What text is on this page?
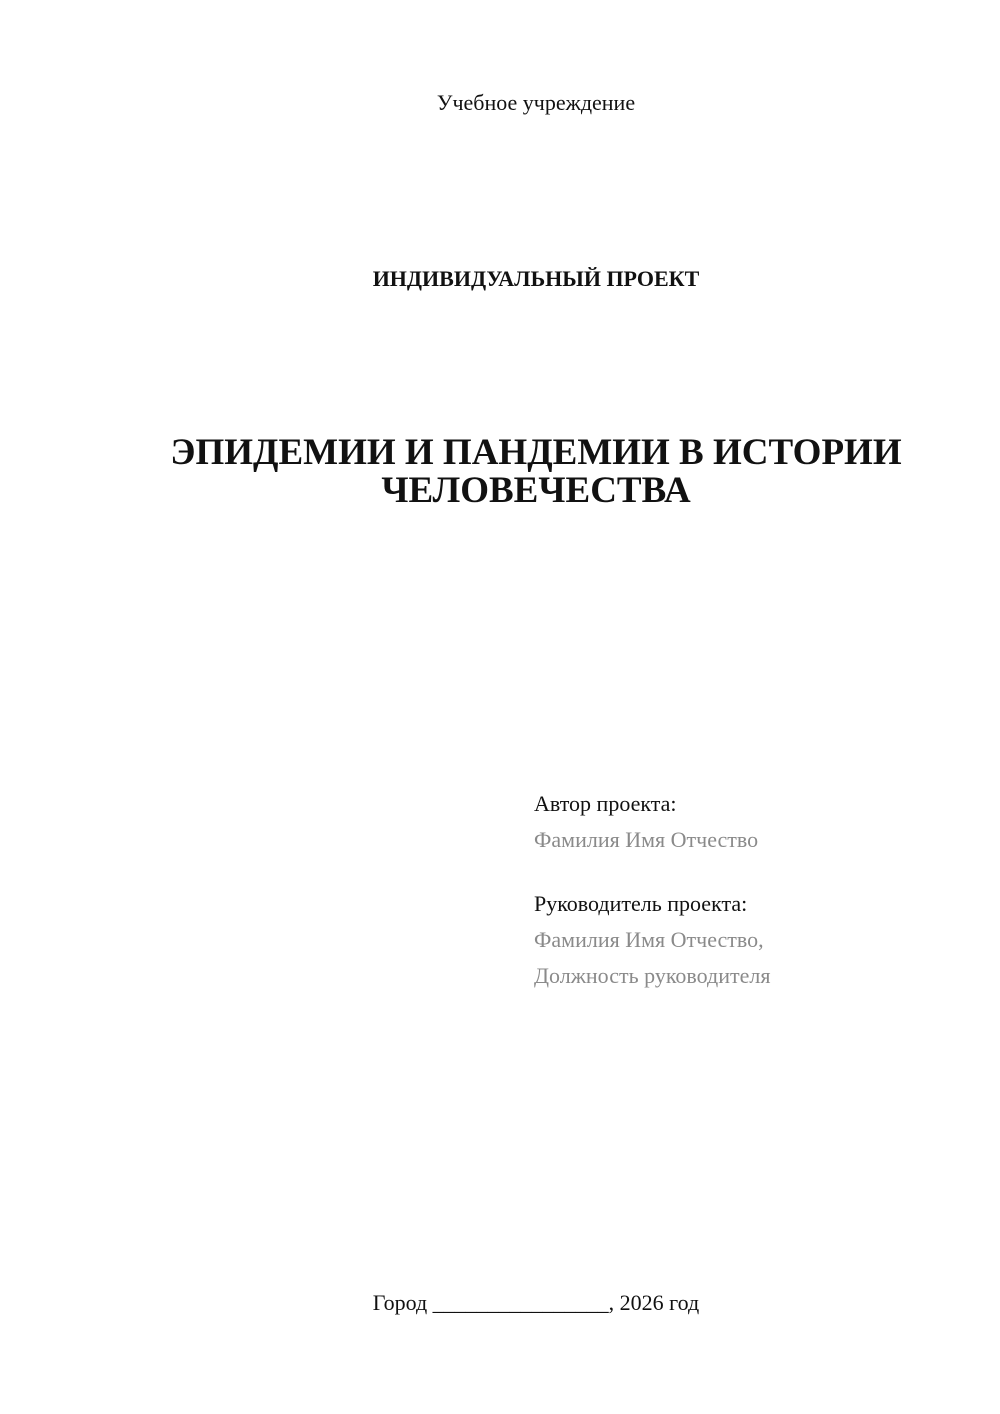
Учебное учреждение
ИНДИВИДУАЛЬНЫЙ ПРОЕКТ
ЭПИДЕМИИ И ПАНДЕМИИ В ИСТОРИИ
ЧЕЛОВЕЧЕСТВА
Автор проекта:
Фамилия Имя Отчество
Руководитель проекта:
Фамилия Имя Отчество,
Должность руководителя
Город ________________, 2026 год
